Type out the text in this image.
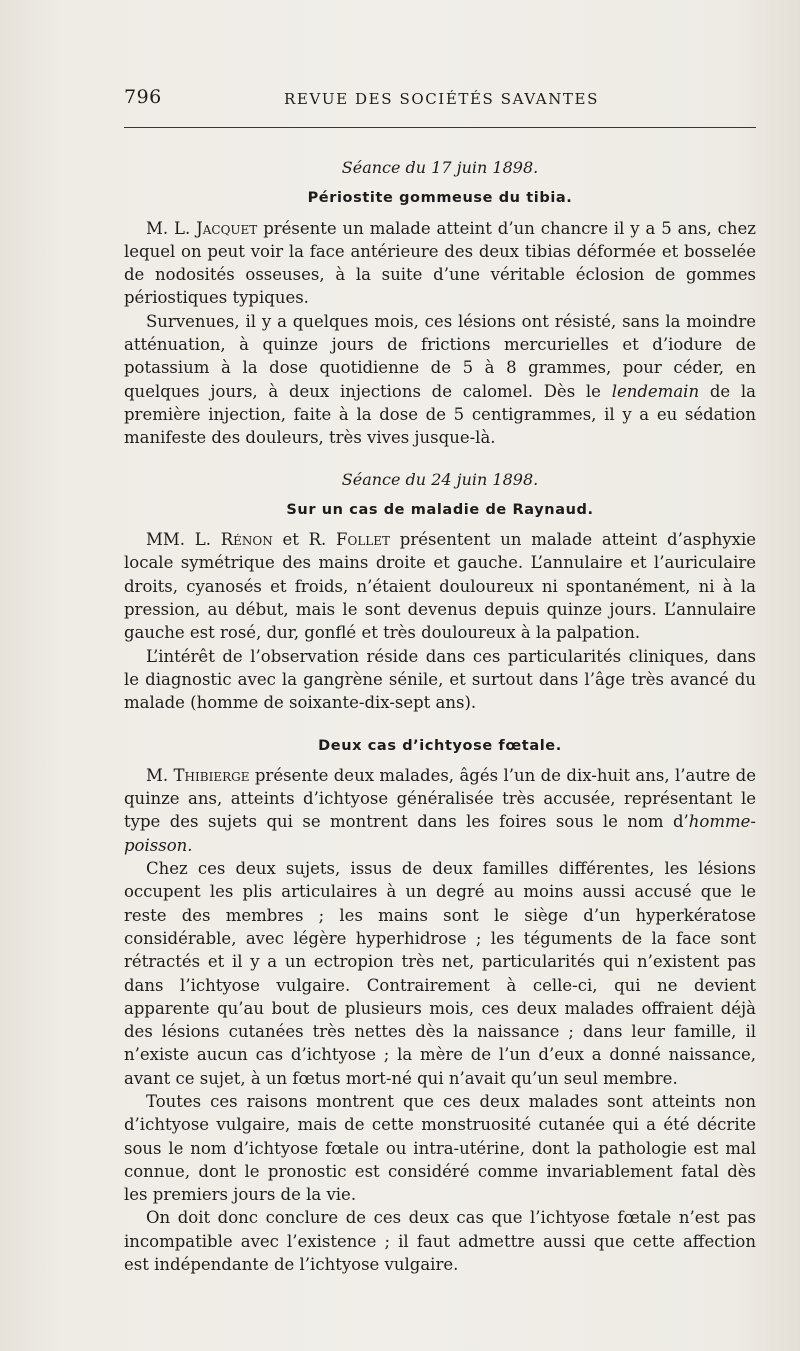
796	REVUE DES SOCIÉTÉS SAVANTES
Séance du 17 juin 1898.
Périostite gommeuse du tibia.

M. L. Jacquet présente un malade atteint d’un chancre il y a 5 ans, chez lequel on peut voir la face antérieure des deux tibias déformée et bosselée de nodosités osseuses, à la suite d’une véritable éclosion de gommes périostiques typiques.

Survenues, il y a quelques mois, ces lésions ont résisté, sans la moindre atténuation, à quinze jours de frictions mercurielles et d’iodure de potassium à la dose quotidienne de 5 à 8 grammes, pour céder, en quelques jours, à deux injections de calomel. Dès le lendemain de la première injection, faite à la dose de 5 centigrammes, il y a eu sédation manifeste des douleurs, très vives jusque-là.

Séance du 24 juin 1898.
Sur un cas de maladie de Raynaud.

MM. L. Rénon et R. Follet présentent un malade atteint d’asphyxie locale symétrique des mains droite et gauche. L’annulaire et l’auriculaire droits, cyanosés et froids, n’étaient douloureux ni spontanément, ni à la pression, au début, mais le sont devenus depuis quinze jours. L’annulaire gauche est rosé, dur, gonflé et très douloureux à la palpation.

L’intérêt de l’observation réside dans ces particularités cliniques, dans le diagnostic avec la gangrène sénile, et surtout dans l’âge très avancé du malade (homme de soixante-dix-sept ans).

Deux cas d’ichtyose fœtale.

M. Thibierge présente deux malades, âgés l’un de dix-huit ans, l’autre de quinze ans, atteints d’ichtyose généralisée très accusée, représentant le type des sujets qui se montrent dans les foires sous le nom d’homme-poisson.

Chez ces deux sujets, issus de deux familles différentes, les lésions occupent les plis articulaires à un degré au moins aussi accusé que le reste des membres ; les mains sont le siège d’un hyperkératose considérable, avec légère hyperhidrose ; les téguments de la face sont rétractés et il y a un ectropion très net, particularités qui n’existent pas dans l’ichtyose vulgaire. Contrairement à celle-ci, qui ne devient apparente qu’au bout de plusieurs mois, ces deux malades offraient déjà des lésions cutanées très nettes dès la naissance ; dans leur famille, il n’existe aucun cas d’ichtyose ; la mère de l’un d’eux a donné naissance, avant ce sujet, à un fœtus mort-né qui n’avait qu’un seul membre.

Toutes ces raisons montrent que ces deux malades sont atteints non d’ichtyose vulgaire, mais de cette monstruosité cutanée qui a été décrite sous le nom d’ichtyose fœtale ou intra-utérine, dont la pathologie est mal connue, dont le pronostic est considéré comme invariablement fatal dès les premiers jours de la vie.

On doit donc conclure de ces deux cas que l’ichtyose fœtale n’est pas incompatible avec l’existence ; il faut admettre aussi que cette affection est indépendante de l’ichtyose vulgaire.
